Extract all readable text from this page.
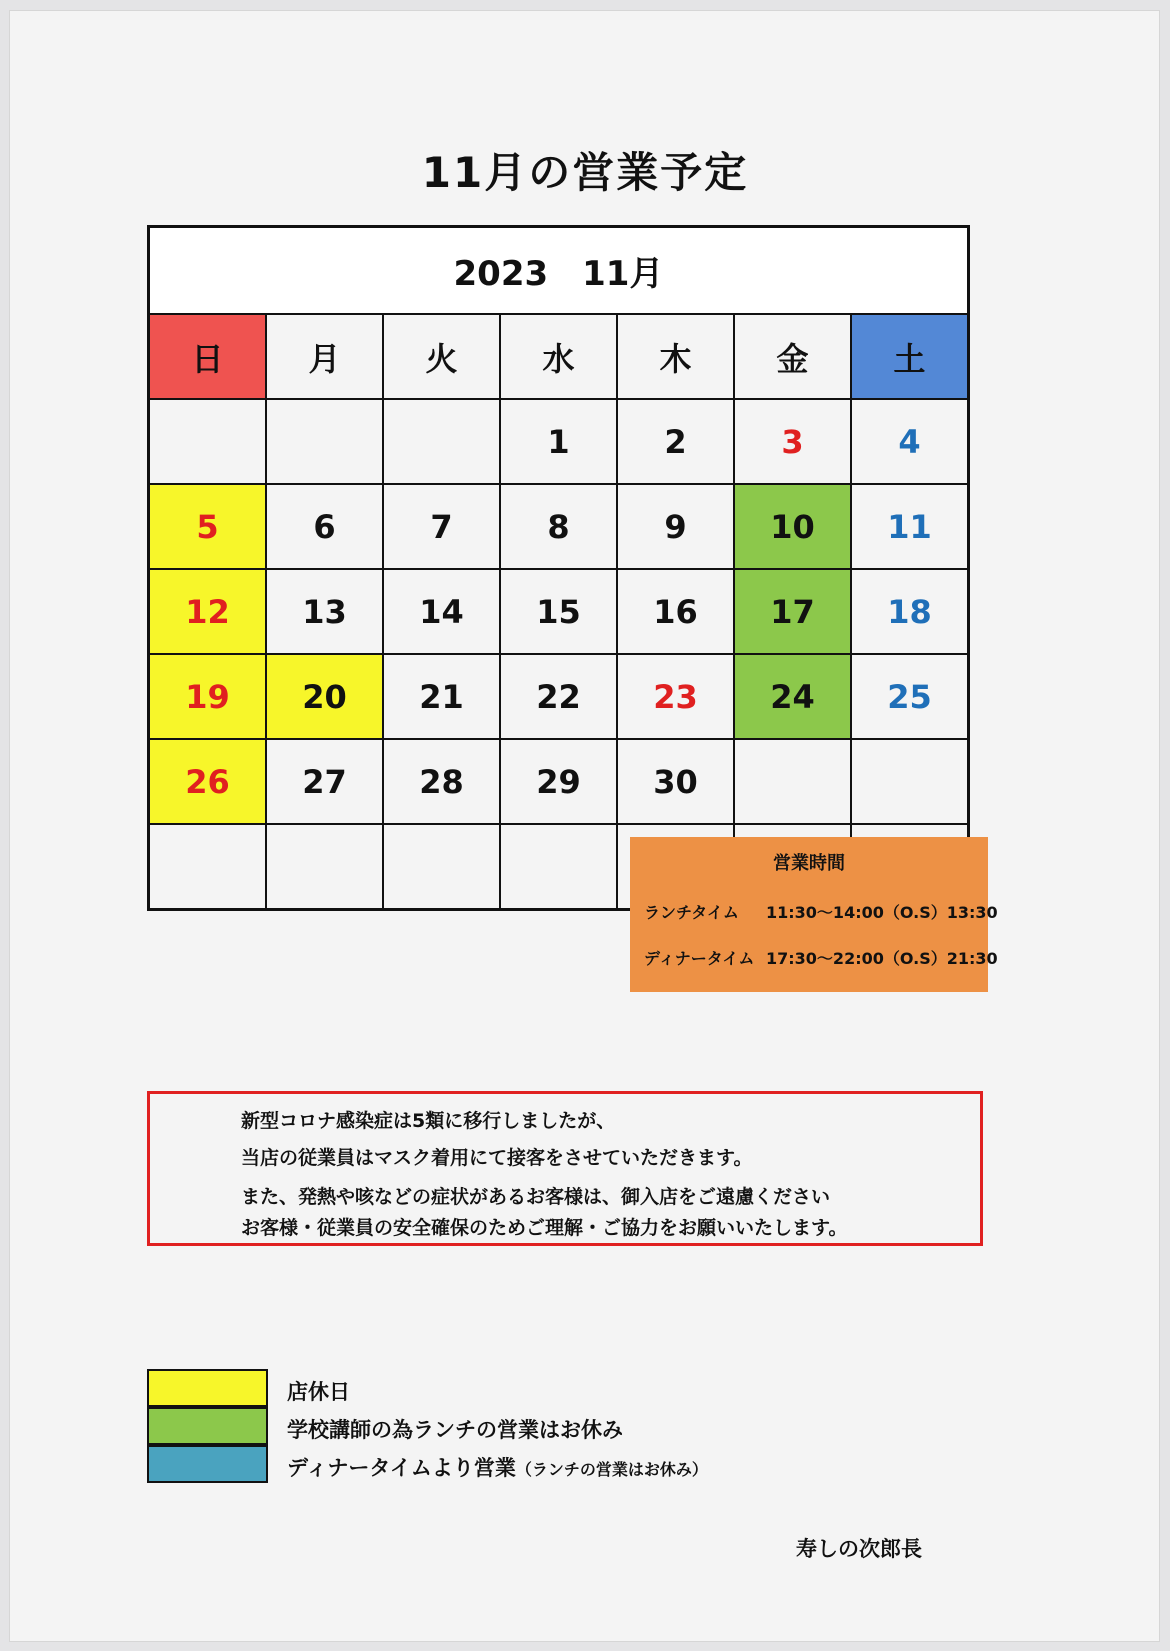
11月の営業予定
2023　11月						
日	月	火	水	木	金	土
			1	2	3	4
5	6	7	8	9	10	11
12	13	14	15	16	17	18
19	20	21	22	23	24	25
26	27	28	29	30		

営業時間
ランチタイム 11:30～14:00（O.S）13:30
ディナータイム 17:30～22:00（O.S）21:30
新型コロナ感染症は5類に移行しましたが、
当店の従業員はマスク着用にて接客をさせていただきます。
また、発熱や咳などの症状があるお客様は、御入店をご遠慮ください
お客様・従業員の安全確保のためご理解・ご協力をお願いいたします。
店休日
学校講師の為ランチの営業はお休み
ディナータイムより営業（ランチの営業はお休み）
寿しの次郎長
